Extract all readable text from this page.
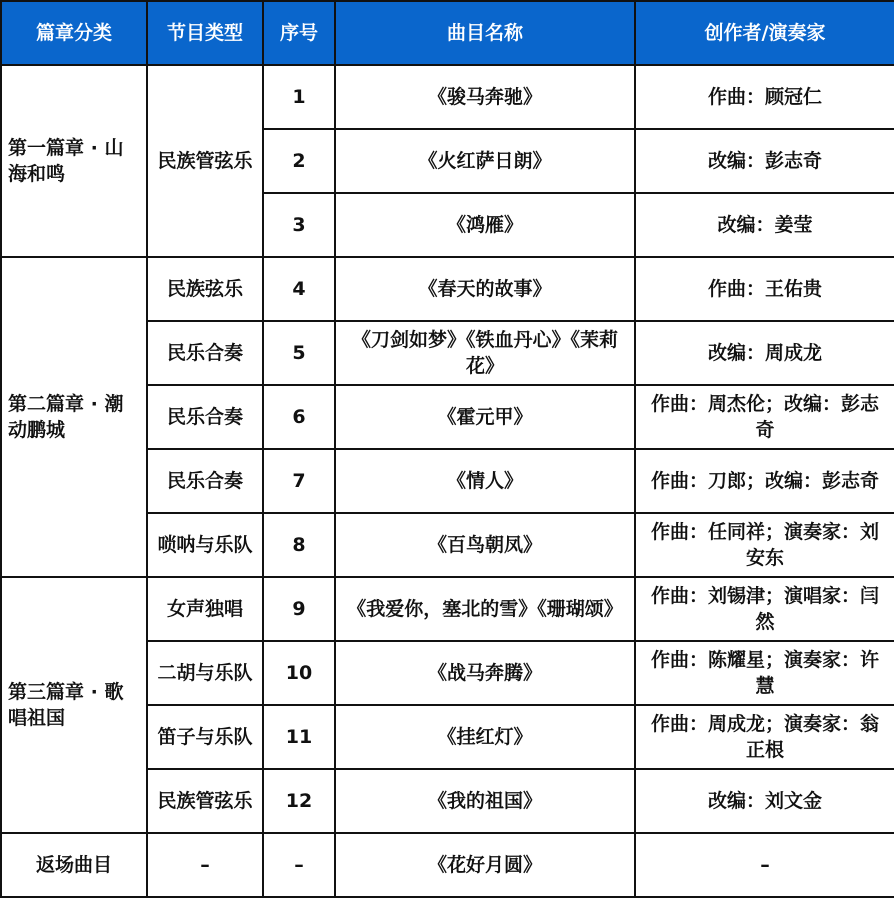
篇章分类	节目类型	序号	曲目名称	创作者/演奏家
第一篇章 · 山海和鸣	民族管弦乐	1	《骏马奔驰》	作曲：顾冠仁
		2	《火红萨日朗》	改编：彭志奇
		3	《鸿雁》	改编：姜莹
第二篇章 · 潮动鹏城	民族弦乐	4	《春天的故事》	作曲：王佑贵
	民乐合奏	5	《刀剑如梦》《铁血丹心》《茉莉花》	改编：周成龙
	民乐合奏	6	《霍元甲》	作曲：周杰伦；改编：彭志奇
	民乐合奏	7	《情人》	作曲：刀郎；改编：彭志奇
	唢呐与乐队	8	《百鸟朝凤》	作曲：任同祥；演奏家：刘安东
第三篇章 · 歌唱祖国	女声独唱	9	《我爱你，塞北的雪》《珊瑚颂》	作曲：刘锡津；演唱家：闫然
	二胡与乐队	10	《战马奔腾》	作曲：陈耀星；演奏家：许慧
	笛子与乐队	11	《挂红灯》	作曲：周成龙；演奏家：翁正根
	民族管弦乐	12	《我的祖国》	改编：刘文金
返场曲目	–	–	《花好月圆》	–
